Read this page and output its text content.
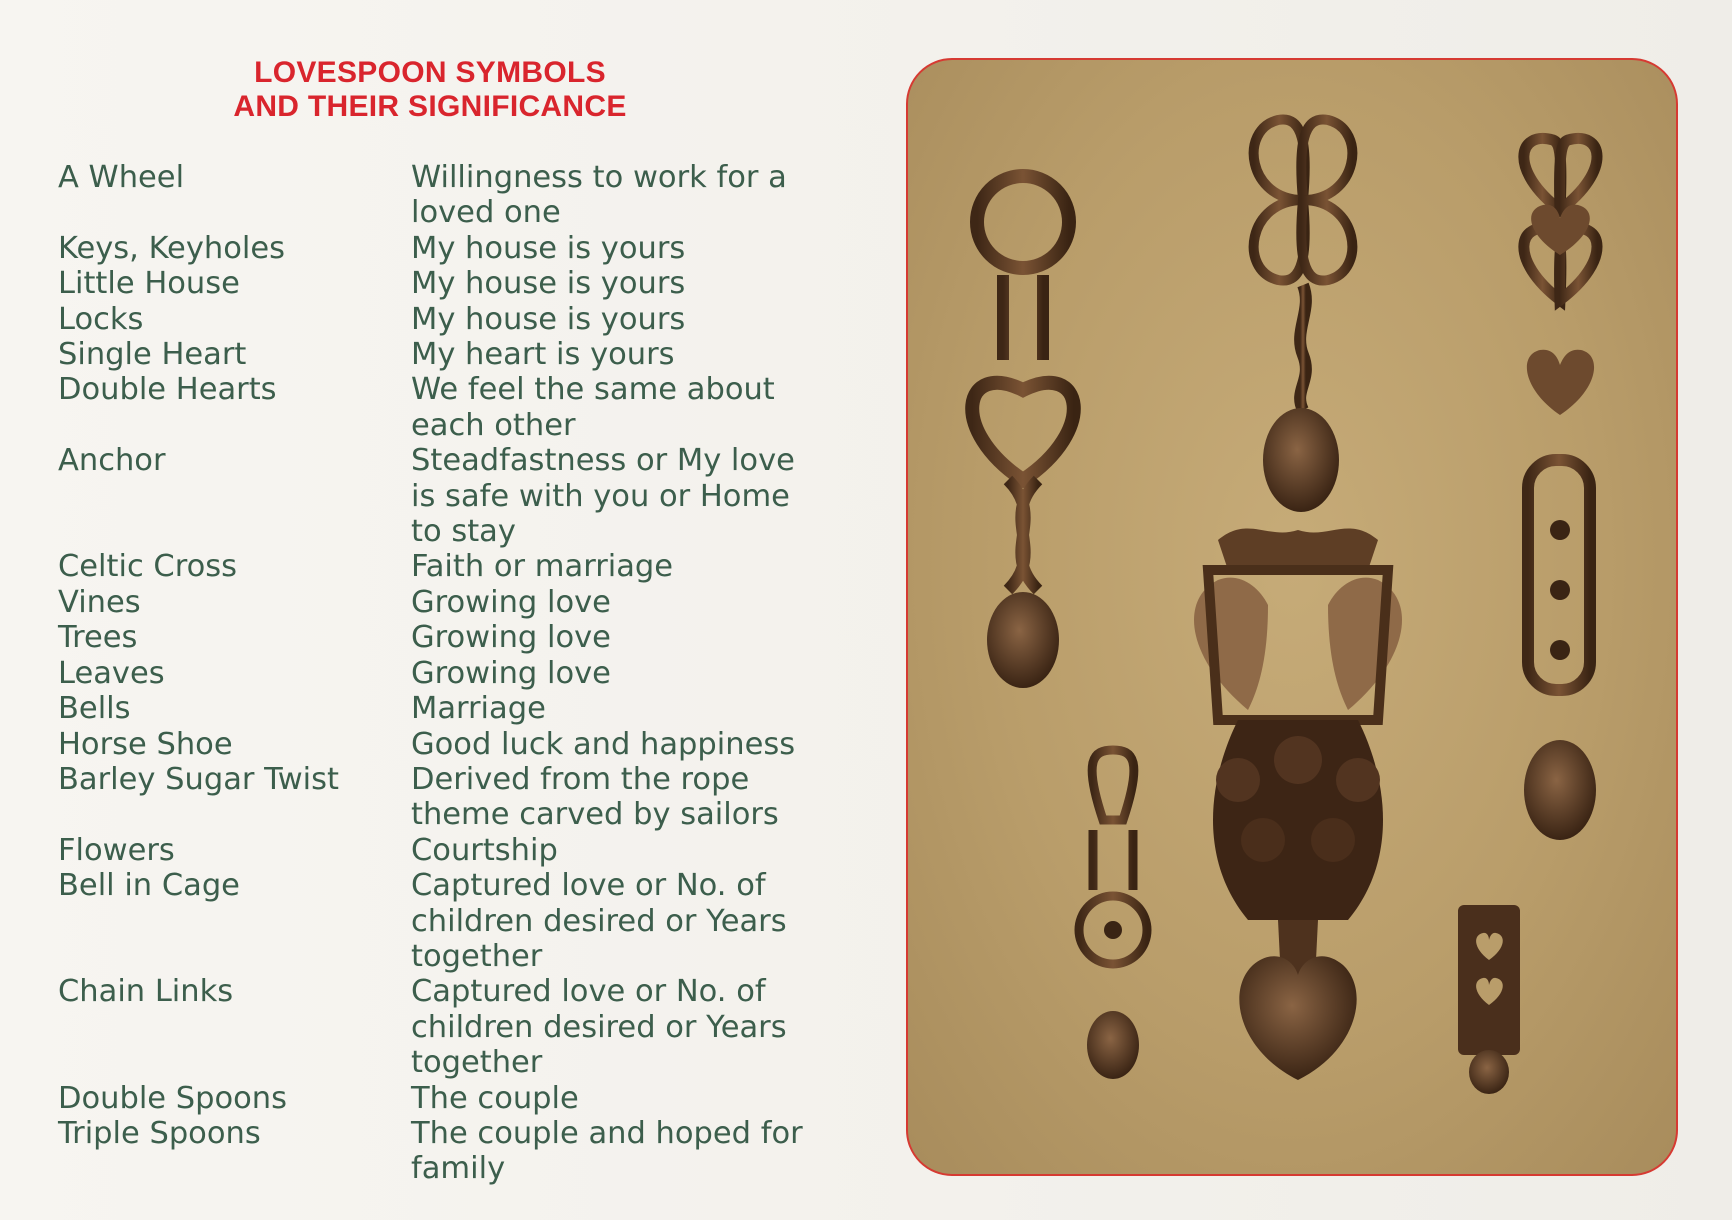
LOVESPOON SYMBOLS
AND THEIR SIGNIFICANCE
A Wheel	Willingness to work for a
loved one
Keys, Keyholes	My house is yours
Little House	My house is yours
Locks	My house is yours
Single Heart	My heart is yours
Double Hearts	We feel the same about
each other
Anchor	Steadfastness or My love
is safe with you or Home
to stay
Celtic Cross	Faith or marriage
Vines	Growing love
Trees	Growing love
Leaves	Growing love
Bells	Marriage
Horse Shoe	Good luck and happiness
Barley Sugar Twist	Derived from the rope
theme carved by sailors
Flowers	Courtship
Bell in Cage	Captured love or No. of
children desired or Years
together
Chain Links	Captured love or No. of
children desired or Years
together
Double Spoons	The couple
Triple Spoons	The couple and hoped for
family
